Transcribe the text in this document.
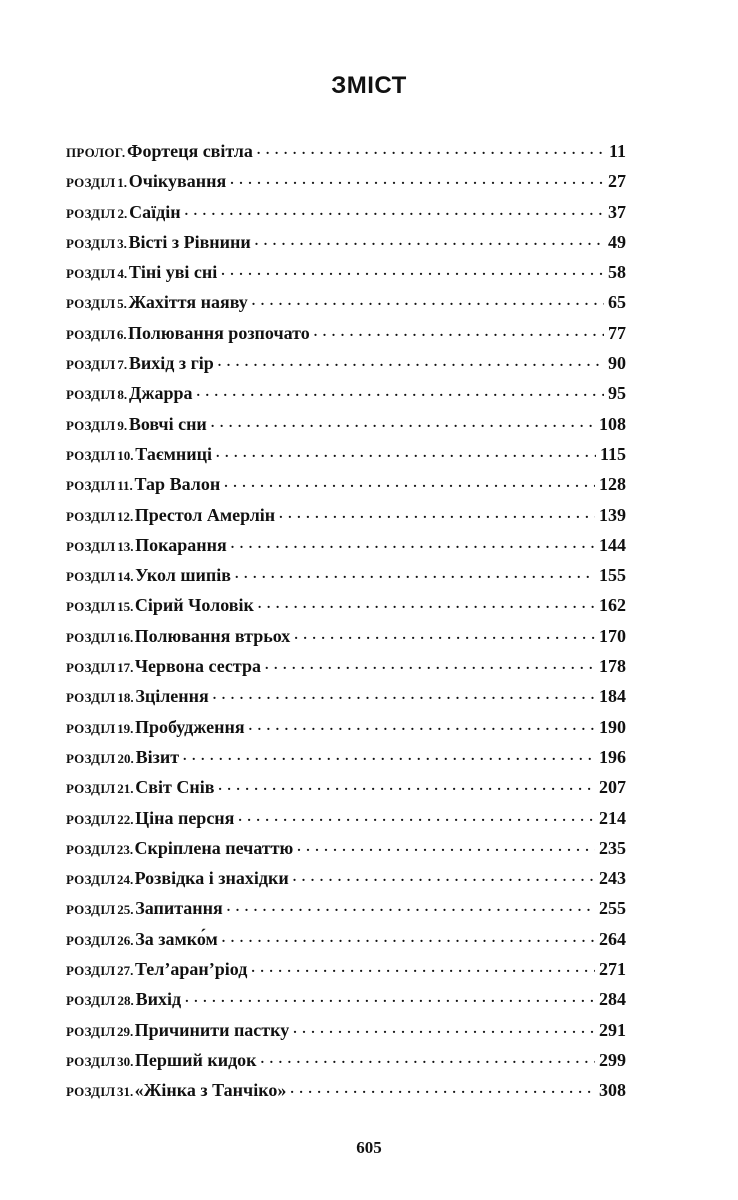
ЗМІСТ
ПРОЛОГ. Фортеця світла . . .	11
РОЗДІЛ 1. Очікування . . .	27
РОЗДІЛ 2. Саїдін . . .	37
РОЗДІЛ 3. Вісті з Рівнини . . .	49
РОЗДІЛ 4. Тіні уві сні . . .	58
РОЗДІЛ 5. Жахіття наяву . . .	65
РОЗДІЛ 6. Полювання розпочато . . .	77
РОЗДІЛ 7. Вихід з гір . . .	90
РОЗДІЛ 8. Джарра . . .	95
РОЗДІЛ 9. Вовчі сни . . .	108
РОЗДІЛ 10. Таємниці . . .	115
РОЗДІЛ 11. Тар Валон . . .	128
РОЗДІЛ 12. Престол Амерлін . . .	139
РОЗДІЛ 13. Покарання . . .	144
РОЗДІЛ 14. Укол шипів . . .	155
РОЗДІЛ 15. Сірий Чоловік . . .	162
РОЗДІЛ 16. Полювання втрьох . . .	170
РОЗДІЛ 17. Червона сестра . . .	178
РОЗДІЛ 18. Зцілення . . .	184
РОЗДІЛ 19. Пробудження . . .	190
РОЗДІЛ 20. Візит . . .	196
РОЗДІЛ 21. Світ Снів . . .	207
РОЗДІЛ 22. Ціна персня . . .	214
РОЗДІЛ 23. Скріплена печаттю . . .	235
РОЗДІЛ 24. Розвідка і знахідки . . .	243
РОЗДІЛ 25. Запитання . . .	255
РОЗДІЛ 26. За замко́м . . .	264
РОЗДІЛ 27. Тел’аран’ріод . . .	271
РОЗДІЛ 28. Вихід . . .	284
РОЗДІЛ 29. Причинити пастку . . .	291
РОЗДІЛ 30. Перший кидок . . .	299
РОЗДІЛ 31. «Жінка з Танчіко» . . .	308
605
